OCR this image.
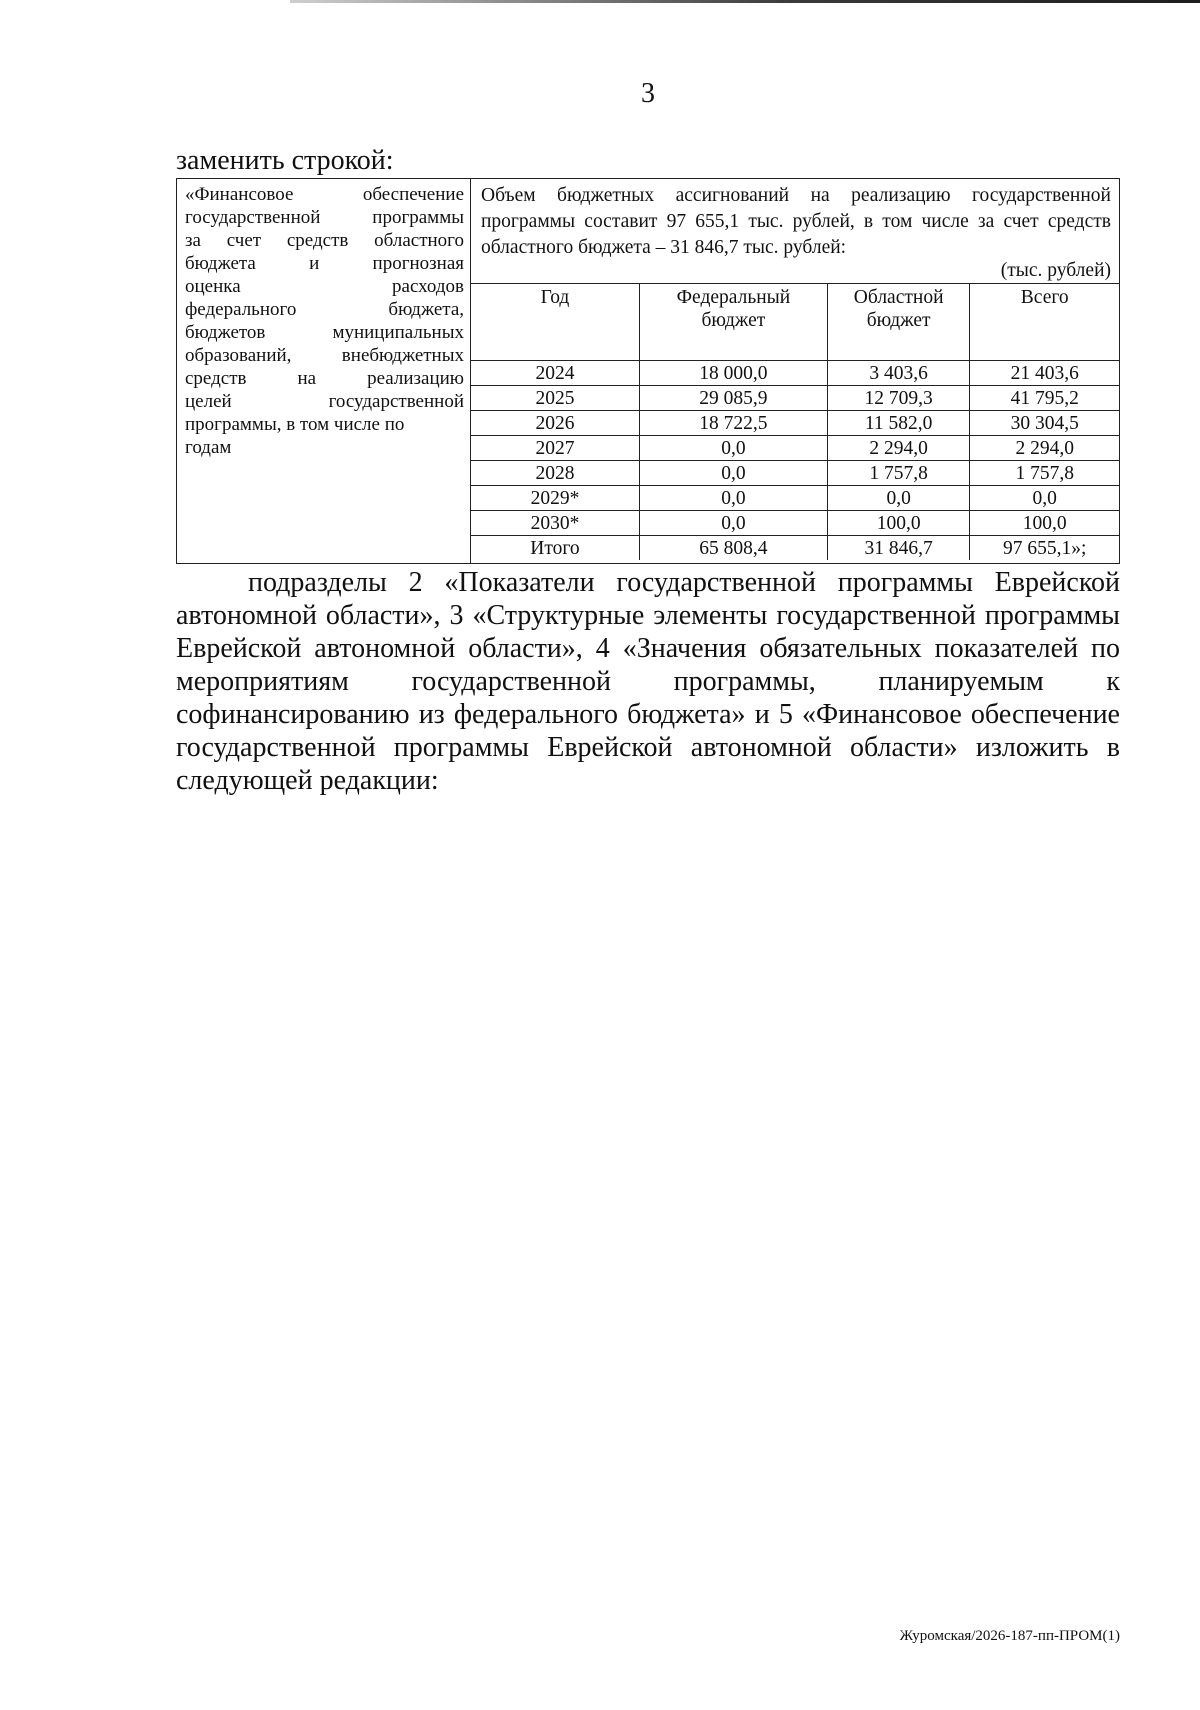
3
заменить строкой:
«Финансовое обеспечение
государственной программы
за счет средств областного
бюджета и прогнозная
оценка расходов
федерального бюджета,
бюджетов муниципальных
образований, внебюджетных
средств на реализацию
целей государственной
программы, в том числе по
годам
Объем бюджетных ассигнований на реализацию государственной программы составит 97 655,1 тыс. рублей, в том числе за счет средств областного бюджета – 31 846,7 тыс. рублей:
(тыс. рублей)
Год	Федеральный бюджет	Областной бюджет	Всего
2024	18 000,0	3 403,6	21 403,6
2025	29 085,9	12 709,3	41 795,2
2026	18 722,5	11 582,0	30 304,5
2027	0,0	2 294,0	2 294,0
2028	0,0	1 757,8	1 757,8
2029*	0,0	0,0	0,0
2030*	0,0	100,0	100,0
Итого	65 808,4	31 846,7	97 655,1»;

подразделы 2 «Показатели государственной программы Еврейской автономной области», 3 «Структурные элементы государственной программы Еврейской автономной области», 4 «Значения обязательных показателей по мероприятиям государственной программы, планируемым к софинансированию из федерального бюджета» и 5 «Финансовое обеспечение государственной программы Еврейской автономной области» изложить в следующей редакции:

Журомская/2026-187-пп-ПРОМ(1)
